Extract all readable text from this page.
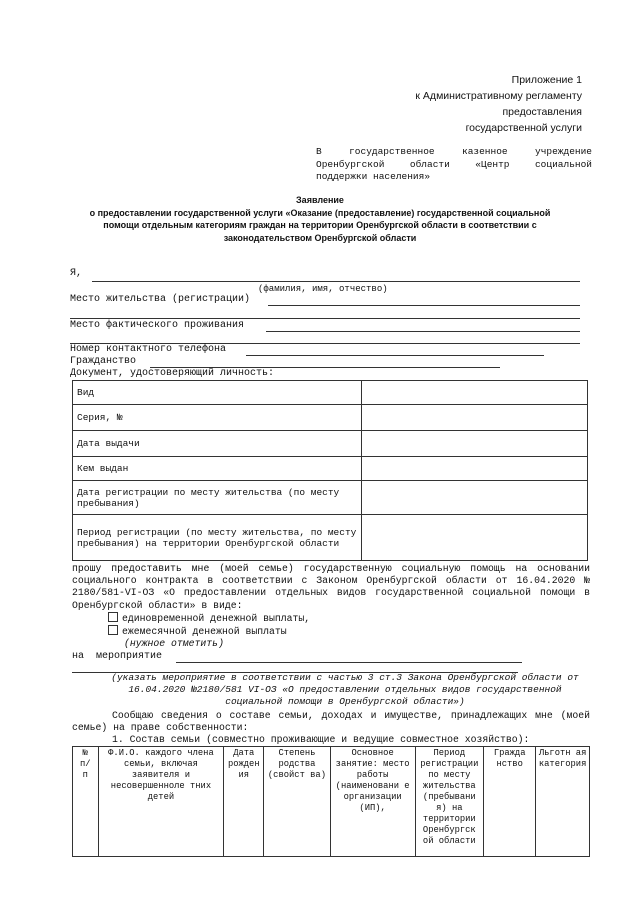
Приложение 1
к Административному регламенту
предоставления
государственной услуги
В государственное казенное учреждение
Оренбургской области «Центр социальной
поддержки населения»
Заявление
о предоставлении государственной услуги «Оказание (предоставление) государственной социальной
помощи отдельным категориям граждан на территории Оренбургской области в соответствии с
законодательством Оренбургской области
Я,
(фамилия, имя, отчество)
Место жительства (регистрации)
Место фактического проживания
Номер контактного телефона
Гражданство
Документ, удостоверяющий личность:
Вид	
Серия, №	
Дата выдачи	
Кем выдан	
Дата регистрации по месту жительства (по месту пребывания)	
Период регистрации (по месту жительства, по месту пребывания) на территории Оренбургской области	
прошу предоставить мне (моей семье) государственную социальную помощь на основании социального контракта в соответствии с Законом Оренбургской области от 16.04.2020 № 2180/581-VI-ОЗ «О предоставлении отдельных видов государственной социальной помощи в Оренбургской области» в виде:
единовременной денежной выплаты,
ежемесячной денежной выплаты
(нужное отметить)
на мероприятие
(указать мероприятие в соответствии с частью 3 ст.3 Закона Оренбургской области от 16.04.2020 №2180/581 VI-ОЗ «О предоставлении отдельных видов государственной социальной помощи в Оренбургской области»)
Сообщаю сведения о составе семьи, доходах и имуществе, принадлежащих мне (моей семье) на праве собственности:
1. Состав семьи (совместно проживающие и ведущие совместное хозяйство):
№ п/ п	Ф.И.О. каждого члена семьи, включая заявителя и несовершенноле тних детей	Дата рожден ия	Степень родства (свойст ва)	Основное занятие: место работы (наименовани е организации (ИП),	Период регистрации по месту жительства (пребывани я) на территории Оренбургск ой области	Гражда нство	Льготн ая категория
